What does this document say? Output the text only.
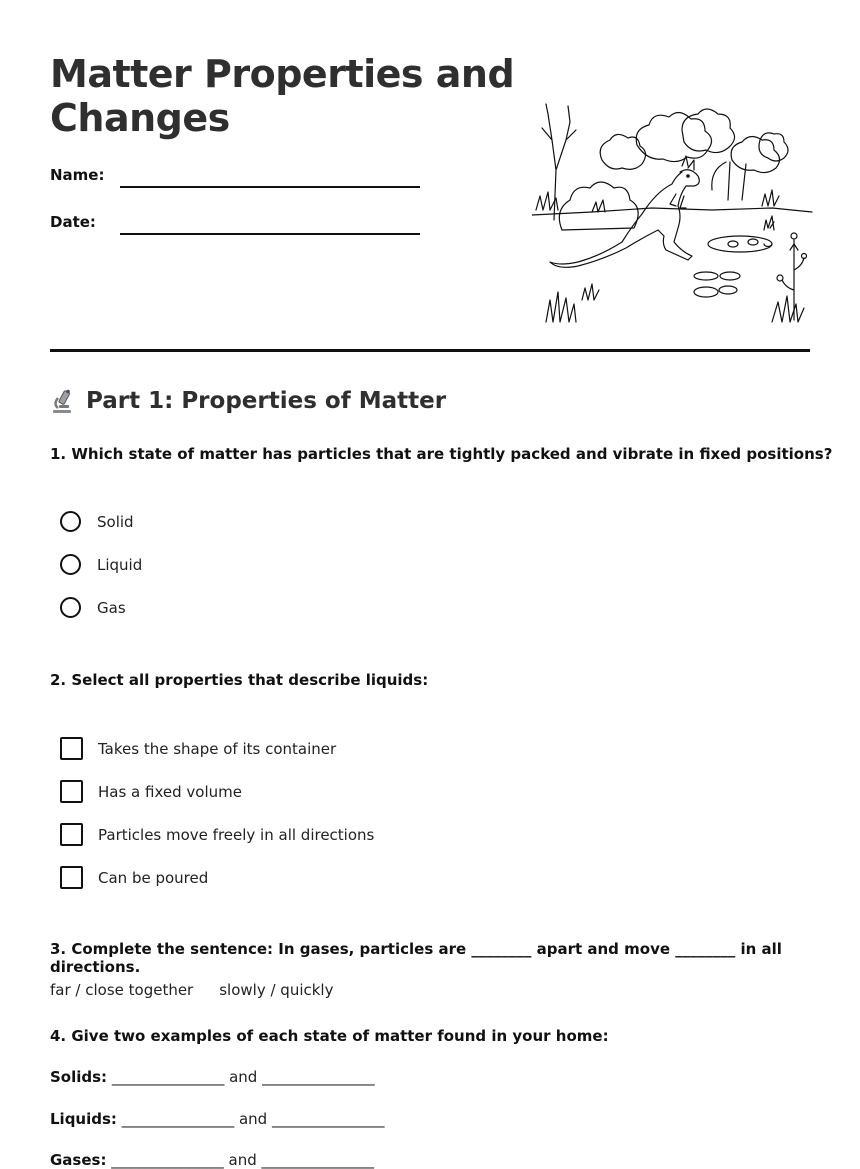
Matter Properties and Changes
Name:
Date:
Part 1: Properties of Matter
1. Which state of matter has particles that are tightly packed and vibrate in fixed positions?
Solid
Liquid
Gas
2. Select all properties that describe liquids:
Takes the shape of its container
Has a fixed volume
Particles move freely in all directions
Can be poured
3. Complete the sentence: In gases, particles are ________ apart and move ________ in all directions.
far / close together slowly / quickly
4. Give two examples of each state of matter found in your home:
Solids: _______________ and _______________
Liquids: _______________ and _______________
Gases: _______________ and _______________
